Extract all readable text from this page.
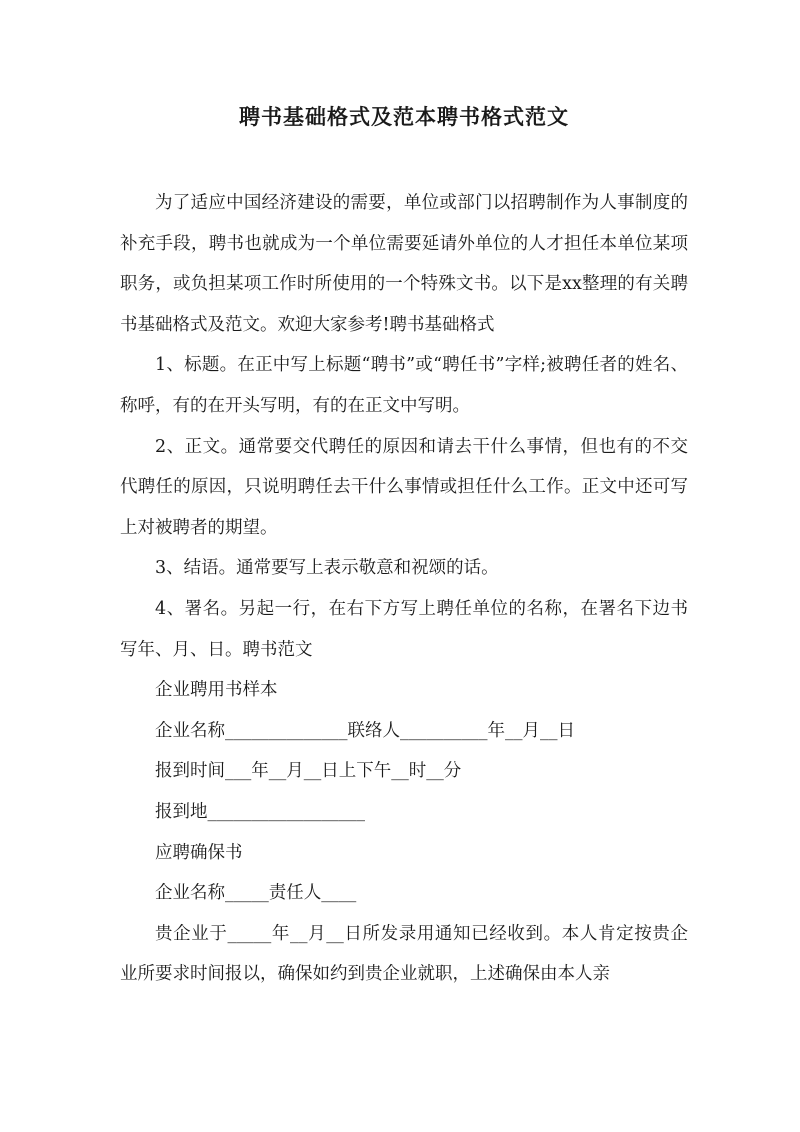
聘书基础格式及范本聘书格式范文

为了适应中国经济建设的需要，单位或部门以招聘制作为人事制度的补充手段，聘书也就成为一个单位需要延请外单位的人才担任本单位某项职务，或负担某项工作时所使用的一个特殊文书。以下是xx整理的有关聘书基础格式及范文。欢迎大家参考!聘书基础格式

1、标题。在正中写上标题“聘书”或“聘任书”字样;被聘任者的姓名、称呼，有的在开头写明，有的在正文中写明。

2、正文。通常要交代聘任的原因和请去干什么事情，但也有的不交代聘任的原因，只说明聘任去干什么事情或担任什么工作。正文中还可写上对被聘者的期望。

3、结语。通常要写上表示敬意和祝颂的话。

4、署名。另起一行，在右下方写上聘任单位的名称，在署名下边书写年、月、日。聘书范文

企业聘用书样本

企业名称______________联络人__________年__月__日

报到时间___年__月__日上下午__时__分

报到地__________________

应聘确保书

企业名称_____责任人____

贵企业于_____年__月__日所发录用通知已经收到。本人肯定按贵企业所要求时间报以，确保如约到贵企业就职，上述确保由本人亲
